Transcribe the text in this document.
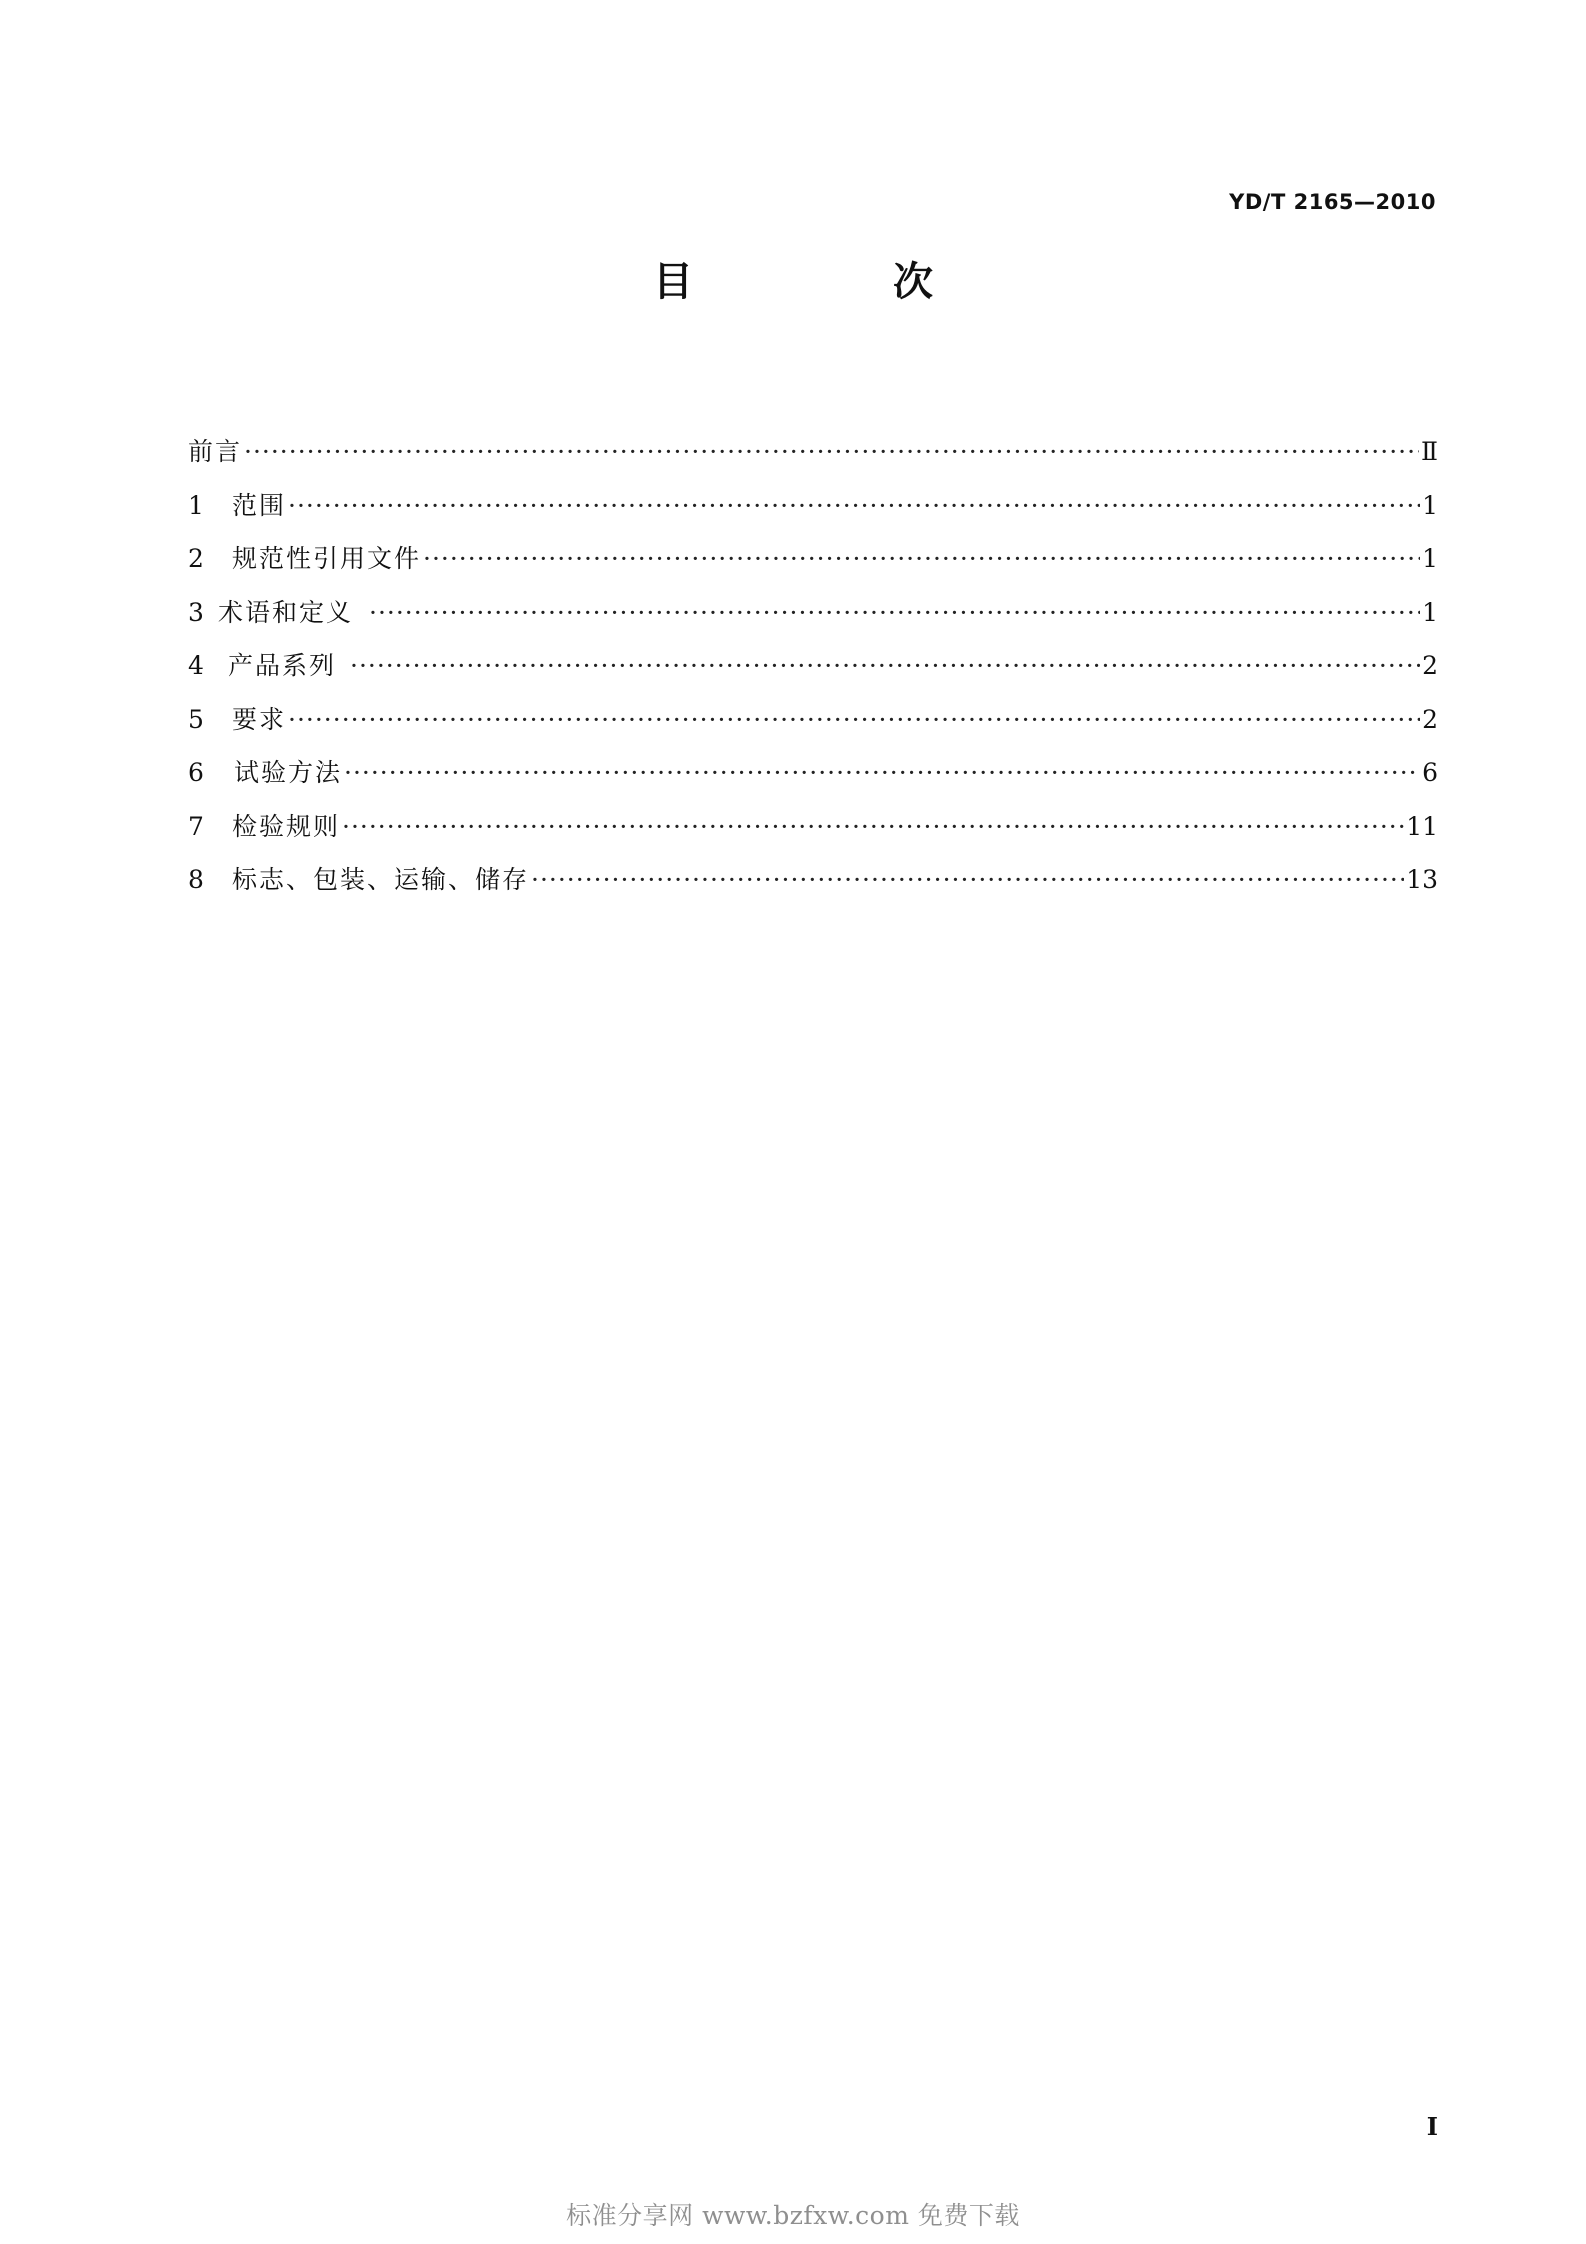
YD/T 2165—2010
目　次
前言 ·····	Ⅱ
1	范围 ·····	1
2	规范性引用文件 ·····	1
3 术语和定义 ·····	1
4 产品系列 ·····	2
5	要求 ·····	2
6	试验方法 ·····	6
7	检验规则 ·····	11
8	标志、包装、运输、储存 ·····	13
I
标准分享网 www.bzfxw.com 免费下载
